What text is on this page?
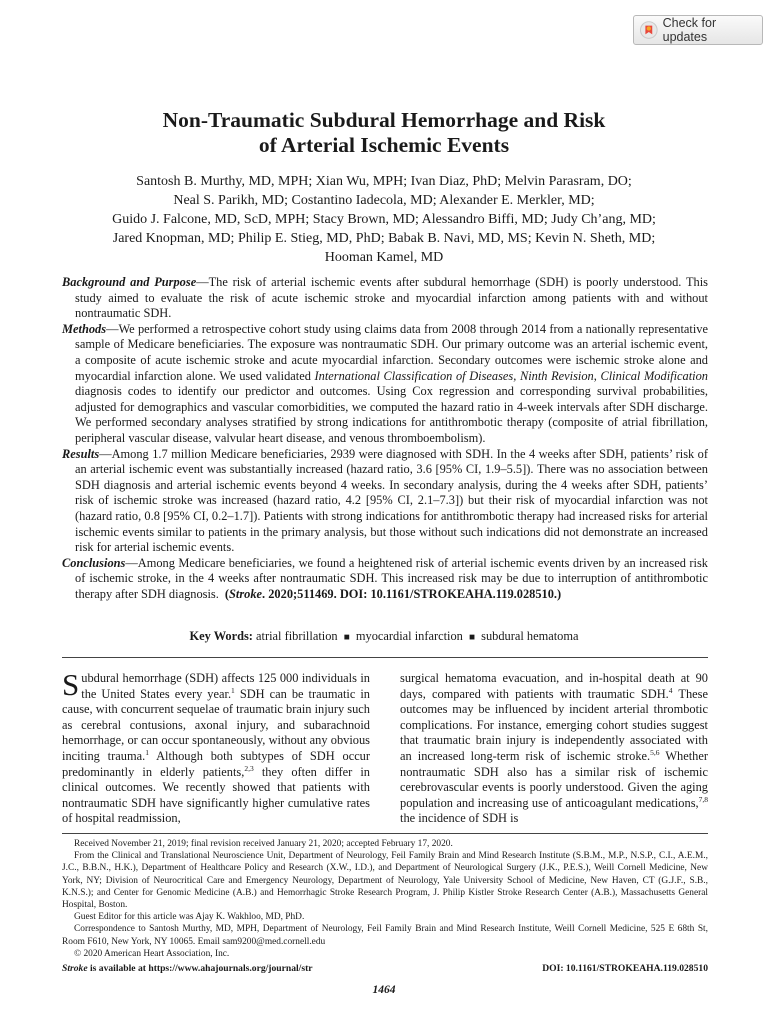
Check for updates
Non-Traumatic Subdural Hemorrhage and Risk
of Arterial Ischemic Events
Santosh B. Murthy, MD, MPH; Xian Wu, MPH; Ivan Diaz, PhD; Melvin Parasram, DO;
Neal S. Parikh, MD; Costantino Iadecola, MD; Alexander E. Merkler, MD;
Guido J. Falcone, MD, ScD, MPH; Stacy Brown, MD; Alessandro Biffi, MD; Judy Ch’ang, MD;
Jared Knopman, MD; Philip E. Stieg, MD, PhD; Babak B. Navi, MD, MS; Kevin N. Sheth, MD;
Hooman Kamel, MD

Background and Purpose—The risk of arterial ischemic events after subdural hemorrhage (SDH) is poorly understood. This study aimed to evaluate the risk of acute ischemic stroke and myocardial infarction among patients with and without nontraumatic SDH.

Methods—We performed a retrospective cohort study using claims data from 2008 through 2014 from a nationally representative sample of Medicare beneficiaries. The exposure was nontraumatic SDH. Our primary outcome was an arterial ischemic event, a composite of acute ischemic stroke and acute myocardial infarction. Secondary outcomes were ischemic stroke alone and myocardial infarction alone. We used validated International Classification of Diseases, Ninth Revision, Clinical Modification diagnosis codes to identify our predictor and outcomes. Using Cox regression and corresponding survival probabilities, adjusted for demographics and vascular comorbidities, we computed the hazard ratio in 4-week intervals after SDH discharge. We performed secondary analyses stratified by strong indications for antithrombotic therapy (composite of atrial fibrillation, peripheral vascular disease, valvular heart disease, and venous thromboembolism).

Results—Among 1.7 million Medicare beneficiaries, 2939 were diagnosed with SDH. In the 4 weeks after SDH, patients’ risk of an arterial ischemic event was substantially increased (hazard ratio, 3.6 [95% CI, 1.9–5.5]). There was no association between SDH diagnosis and arterial ischemic events beyond 4 weeks. In secondary analysis, during the 4 weeks after SDH, patients’ risk of ischemic stroke was increased (hazard ratio, 4.2 [95% CI, 2.1–7.3]) but their risk of myocardial infarction was not (hazard ratio, 0.8 [95% CI, 0.2–1.7]). Patients with strong indications for antithrombotic therapy had increased risks for arterial ischemic events similar to patients in the primary analysis, but those without such indications did not demonstrate an increased risk for arterial ischemic events.

Conclusions—Among Medicare beneficiaries, we found a heightened risk of arterial ischemic events driven by an increased risk of ischemic stroke, in the 4 weeks after nontraumatic SDH. This increased risk may be due to interruption of antithrombotic therapy after SDH diagnosis. (Stroke. 2020;511469. DOI: 10.1161/STROKEAHA.119.028510.)

Key Words: atrial fibrillation ■ myocardial infarction ■ subdural hematoma

Subdural hemorrhage (SDH) affects 125 000 individuals in the United States every year.$^1$ SDH can be traumatic in cause, with concurrent sequelae of traumatic brain injury such as cerebral contusions, axonal injury, and subarachnoid hemorrhage, or can occur spontaneously, without any obvious inciting trauma.$^1$ Although both subtypes of SDH occur predominantly in elderly patients,$^{2,3}$ they often differ in clinical outcomes. We recently showed that patients with nontraumatic SDH have significantly higher cumulative rates of hospital readmission,

surgical hematoma evacuation, and in-hospital death at 90 days, compared with patients with traumatic SDH.$^4$ These outcomes may be influenced by incident arterial thrombotic complications. For instance, emerging cohort studies suggest that traumatic brain injury is independently associated with an increased long-term risk of ischemic stroke.$^{5,6}$ Whether nontraumatic SDH also has a similar risk of ischemic cerebrovascular events is poorly understood. Given the aging population and increasing use of anticoagulant medications,$^{7,8}$ the incidence of SDH is

Received November 21, 2019; final revision received January 21, 2020; accepted February 17, 2020.

From the Clinical and Translational Neuroscience Unit, Department of Neurology, Feil Family Brain and Mind Research Institute (S.B.M., M.P., N.S.P., C.I., A.E.M., J.C., B.B.N., H.K.), Department of Healthcare Policy and Research (X.W., I.D.), and Department of Neurological Surgery (J.K., P.E.S.), Weill Cornell Medicine, New York, NY; Division of Neurocritical Care and Emergency Neurology, Department of Neurology, Yale University School of Medicine, New Haven, CT (G.J.F., S.B., K.N.S.); and Center for Genomic Medicine (A.B.) and Hemorrhagic Stroke Research Program, J. Philip Kistler Stroke Research Center (A.B.), Massachusetts General Hospital, Boston.

Guest Editor for this article was Ajay K. Wakhloo, MD, PhD.

Correspondence to Santosh Murthy, MD, MPH, Department of Neurology, Feil Family Brain and Mind Research Institute, Weill Cornell Medicine, 525 E 68th St, Room F610, New York, NY 10065. Email sam9200@med.cornell.edu

© 2020 American Heart Association, Inc.

Stroke is available at https://www.ahajournals.org/journal/str	DOI: 10.1161/STROKEAHA.119.028510
1464
